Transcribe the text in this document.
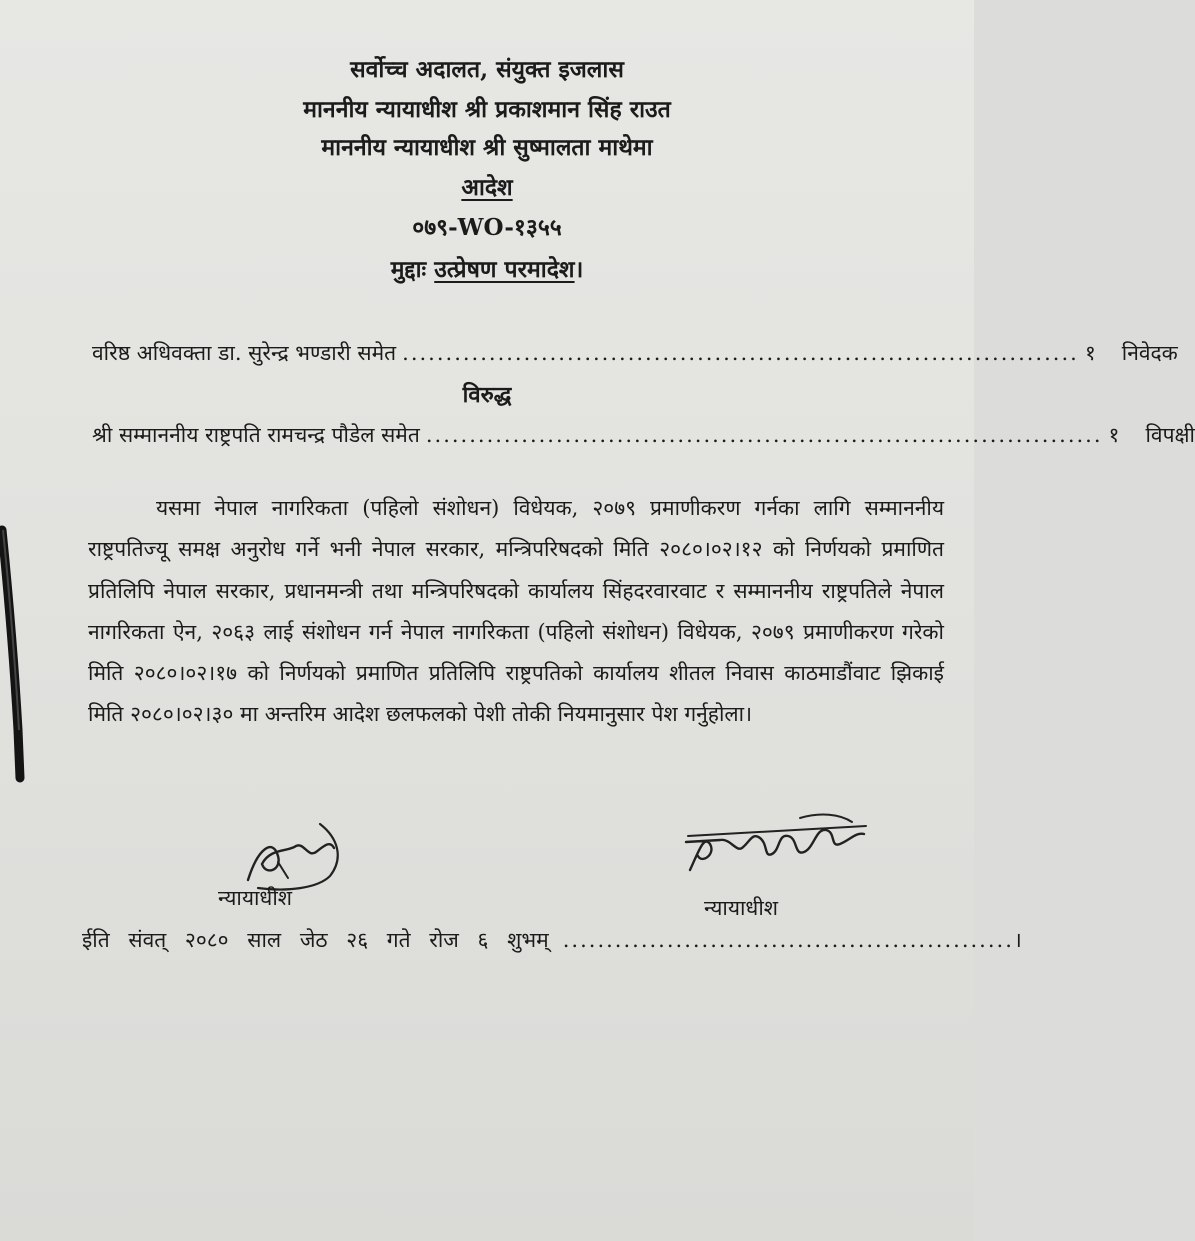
सर्वोच्च अदालत, संयुक्त इजलास
माननीय न्यायाधीश श्री प्रकाशमान सिंह राउत
माननीय न्यायाधीश श्री सुष्मालता माथेमा
आदेश
०७९-WO-१३५५
मुद्दाः उत्प्रेषण परमादेश।
वरिष्ठ अधिवक्ता डा. सुरेन्द्र भण्डारी समेत .............................................................................. १ निवेदक
विरुद्ध
श्री सम्माननीय राष्ट्रपति रामचन्द्र पौडेल समेत .............................................................................. १ विपक्षी
यसमा नेपाल नागरिकता (पहिलो संशोधन) विधेयक, २०७९ प्रमाणीकरण गर्नका लागि सम्माननीय राष्ट्रपतिज्यू समक्ष अनुरोध गर्ने भनी नेपाल सरकार, मन्त्रिपरिषदको मिति २०८०।०२।१२ को निर्णयको प्रमाणित प्रतिलिपि नेपाल सरकार, प्रधानमन्त्री तथा मन्त्रिपरिषदको कार्यालय सिंहदरवारवाट र सम्माननीय राष्ट्रपतिले नेपाल नागरिकता ऐन, २०६३ लाई संशोधन गर्न नेपाल नागरिकता (पहिलो संशोधन) विधेयक, २०७९ प्रमाणीकरण गरेको मिति २०८०।०२।१७ को निर्णयको प्रमाणित प्रतिलिपि राष्ट्रपतिको कार्यालय शीतल निवास काठमाडौंवाट झिकाई मिति २०८०।०२।३० मा अन्तरिम आदेश छलफलको पेशी तोकी नियमानुसार पेश गर्नुहोला।
न्यायाधीश	न्यायाधीश
ईति संवत् २०८० साल जेठ २६ गते रोज ६ शुभम् .................................................... ।
